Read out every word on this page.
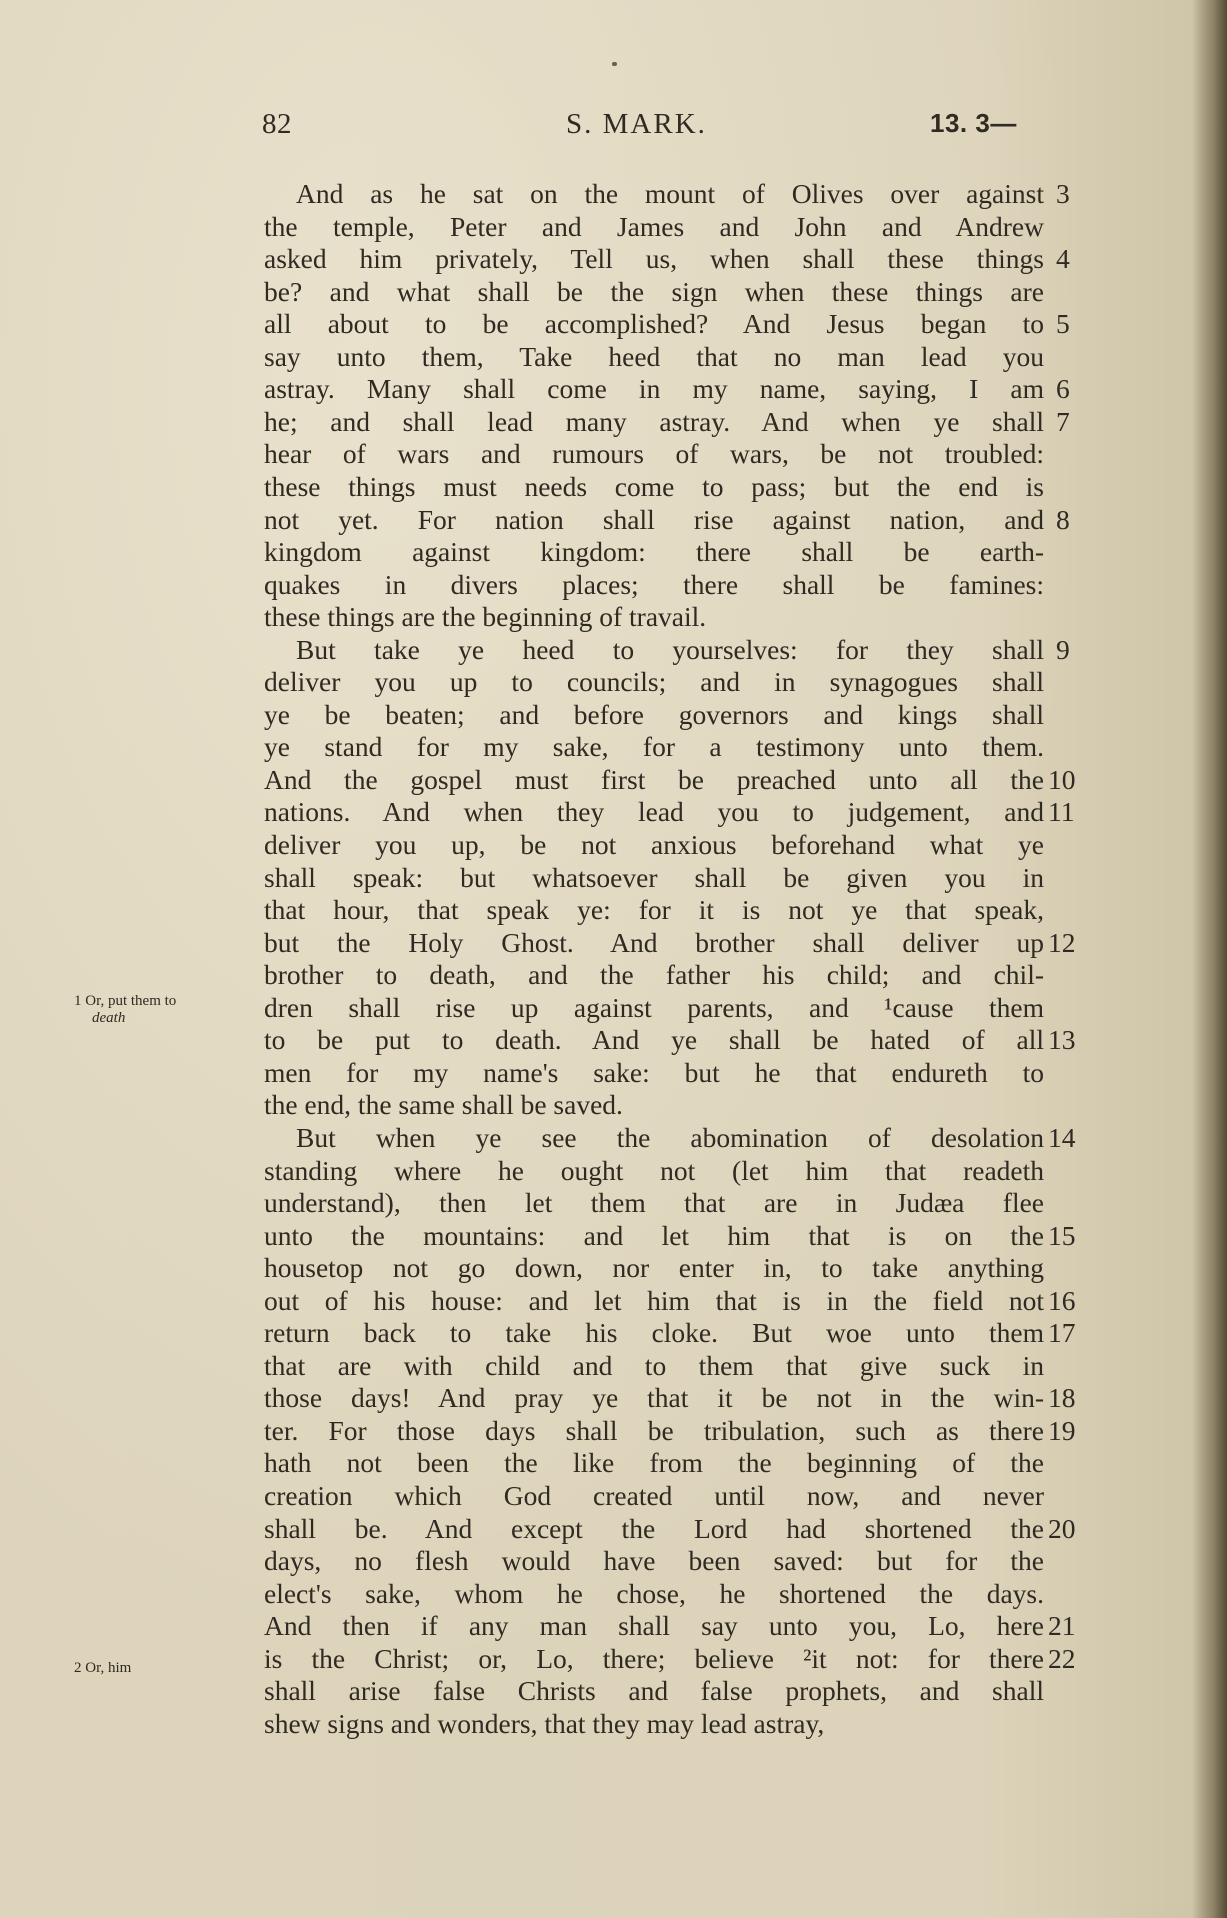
82	S. MARK.	13. 3—
And as he sat on the mount of Olives over against
the temple, Peter and James and John and Andrew
asked him privately, Tell us, when shall these things
be? and what shall be the sign when these things are
all about to be accomplished? And Jesus began to
say unto them, Take heed that no man lead you
astray. Many shall come in my name, saying, I am
he; and shall lead many astray. And when ye shall
hear of wars and rumours of wars, be not troubled:
these things must needs come to pass; but the end is
not yet. For nation shall rise against nation, and
kingdom against kingdom: there shall be earth-
quakes in divers places; there shall be famines:
these things are the beginning of travail.
But take ye heed to yourselves: for they shall
deliver you up to councils; and in synagogues shall
ye be beaten; and before governors and kings shall
ye stand for my sake, for a testimony unto them.
And the gospel must first be preached unto all the
nations. And when they lead you to judgement, and
deliver you up, be not anxious beforehand what ye
shall speak: but whatsoever shall be given you in
that hour, that speak ye: for it is not ye that speak,
but the Holy Ghost. And brother shall deliver up
brother to death, and the father his child; and chil-
dren shall rise up against parents, and ¹cause them
to be put to death. And ye shall be hated of all
men for my name's sake: but he that endureth to
the end, the same shall be saved.
But when ye see the abomination of desolation
standing where he ought not (let him that readeth
understand), then let them that are in Judæa flee
unto the mountains: and let him that is on the
housetop not go down, nor enter in, to take anything
out of his house: and let him that is in the field not
return back to take his cloke. But woe unto them
that are with child and to them that give suck in
those days! And pray ye that it be not in the win-
ter. For those days shall be tribulation, such as there
hath not been the like from the beginning of the
creation which God created until now, and never
shall be. And except the Lord had shortened the
days, no flesh would have been saved: but for the
elect's sake, whom he chose, he shortened the days.
And then if any man shall say unto you, Lo, here
is the Christ; or, Lo, there; believe ²it not: for there
shall arise false Christs and false prophets, and shall
shew signs and wonders, that they may lead astray,
3
4
5
6
7
8
9
10
11
12
13
14
15
16
17
18
19
20
21
22
1 Or, put them to
death
2 Or, him
